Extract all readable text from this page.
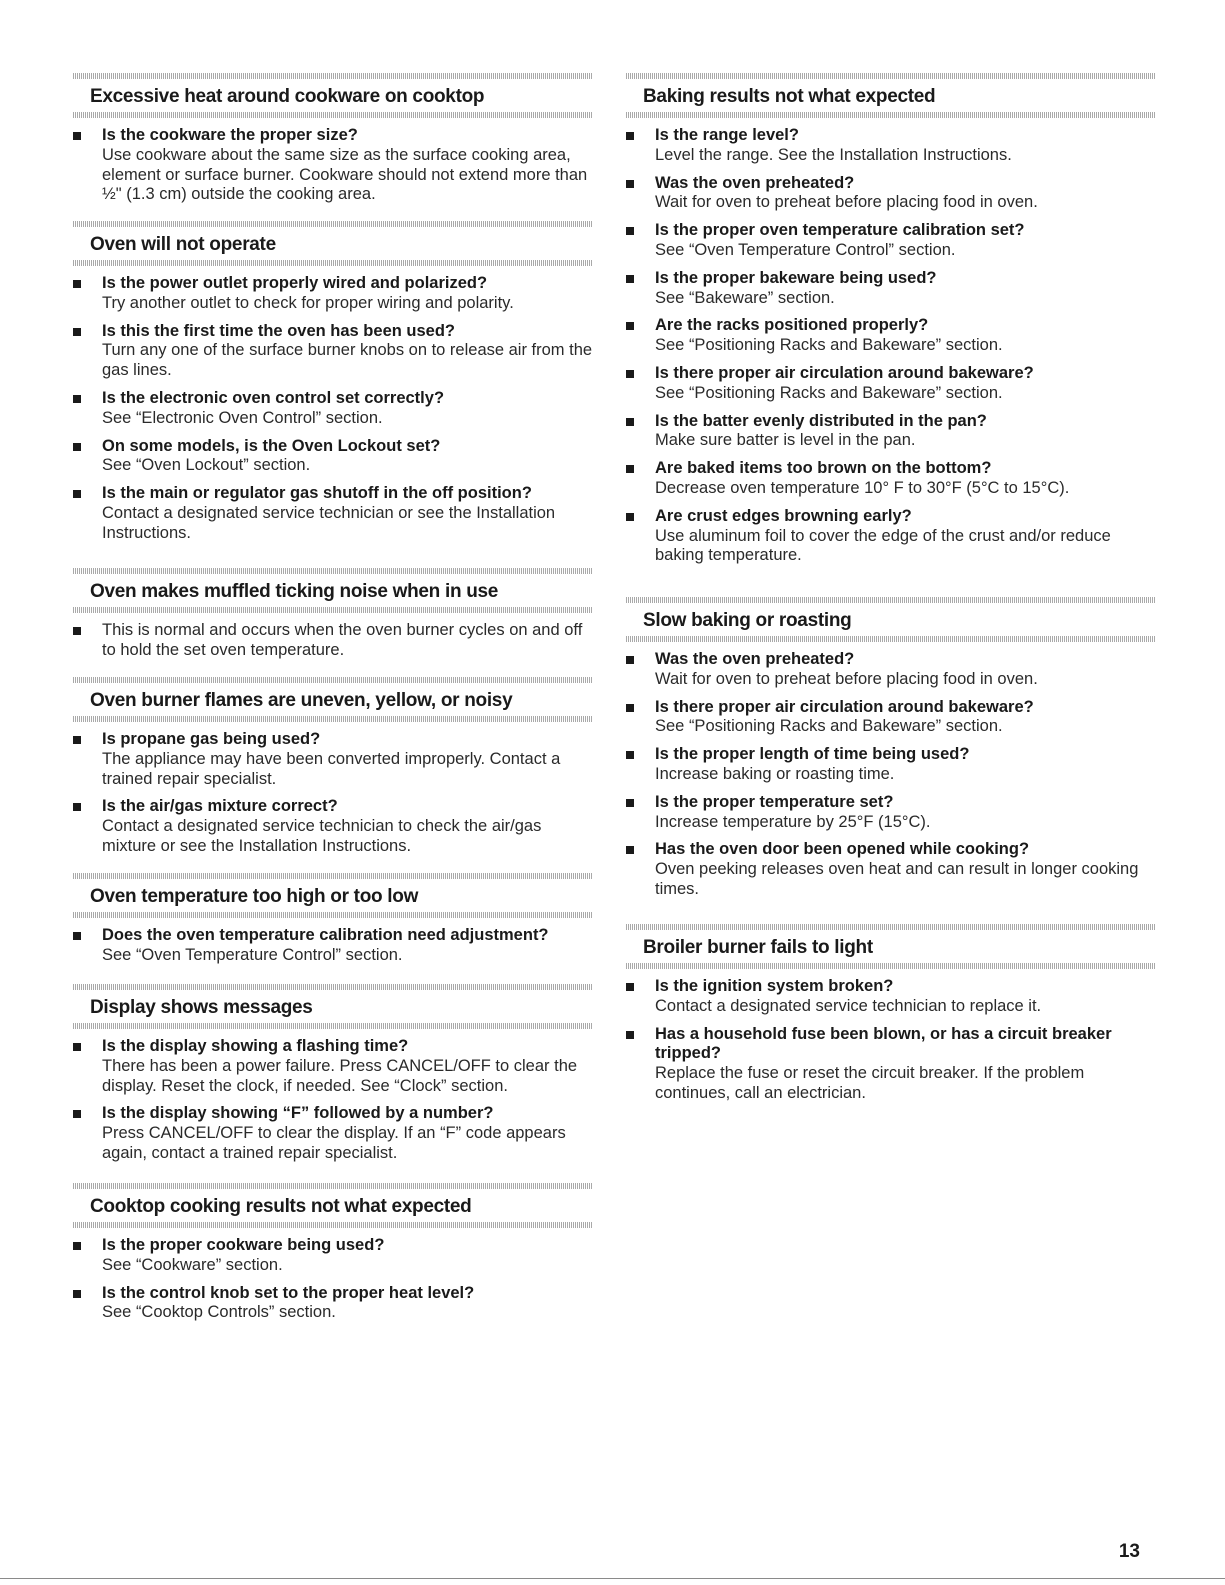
Excessive heat around cookware on cooktop
Is the cookware the proper size?
Use cookware about the same size as the surface cooking area, element or surface burner. Cookware should not extend more than ½" (1.3 cm) outside the cooking area.
Oven will not operate
Is the power outlet properly wired and polarized?
Try another outlet to check for proper wiring and polarity.
Is this the first time the oven has been used?
Turn any one of the surface burner knobs on to release air from the gas lines.
Is the electronic oven control set correctly?
See “Electronic Oven Control” section.
On some models, is the Oven Lockout set?
See “Oven Lockout” section.
Is the main or regulator gas shutoff in the off position?
Contact a designated service technician or see the Installation Instructions.
Oven makes muffled ticking noise when in use
This is normal and occurs when the oven burner cycles on and off to hold the set oven temperature.
Oven burner flames are uneven, yellow, or noisy
Is propane gas being used?
The appliance may have been converted improperly. Contact a trained repair specialist.
Is the air/gas mixture correct?
Contact a designated service technician to check the air/gas mixture or see the Installation Instructions.
Oven temperature too high or too low
Does the oven temperature calibration need adjustment?
See “Oven Temperature Control” section.
Display shows messages
Is the display showing a flashing time?
There has been a power failure. Press CANCEL/OFF to clear the display. Reset the clock, if needed. See “Clock” section.
Is the display showing “F” followed by a number?
Press CANCEL/OFF to clear the display. If an “F” code appears again, contact a trained repair specialist.
Cooktop cooking results not what expected
Is the proper cookware being used?
See “Cookware” section.
Is the control knob set to the proper heat level?
See “Cooktop Controls” section.
Baking results not what expected
Is the range level?
Level the range. See the Installation Instructions.
Was the oven preheated?
Wait for oven to preheat before placing food in oven.
Is the proper oven temperature calibration set?
See “Oven Temperature Control” section.
Is the proper bakeware being used?
See “Bakeware” section.
Are the racks positioned properly?
See “Positioning Racks and Bakeware” section.
Is there proper air circulation around bakeware?
See “Positioning Racks and Bakeware” section.
Is the batter evenly distributed in the pan?
Make sure batter is level in the pan.
Are baked items too brown on the bottom?
Decrease oven temperature 10° F to 30°F (5°C to 15°C).
Are crust edges browning early?
Use aluminum foil to cover the edge of the crust and/or reduce baking temperature.
Slow baking or roasting
Was the oven preheated?
Wait for oven to preheat before placing food in oven.
Is there proper air circulation around bakeware?
See “Positioning Racks and Bakeware” section.
Is the proper length of time being used?
Increase baking or roasting time.
Is the proper temperature set?
Increase temperature by 25°F (15°C).
Has the oven door been opened while cooking?
Oven peeking releases oven heat and can result in longer cooking times.
Broiler burner fails to light
Is the ignition system broken?
Contact a designated service technician to replace it.
Has a household fuse been blown, or has a circuit breaker tripped?
Replace the fuse or reset the circuit breaker. If the problem continues, call an electrician.
13
